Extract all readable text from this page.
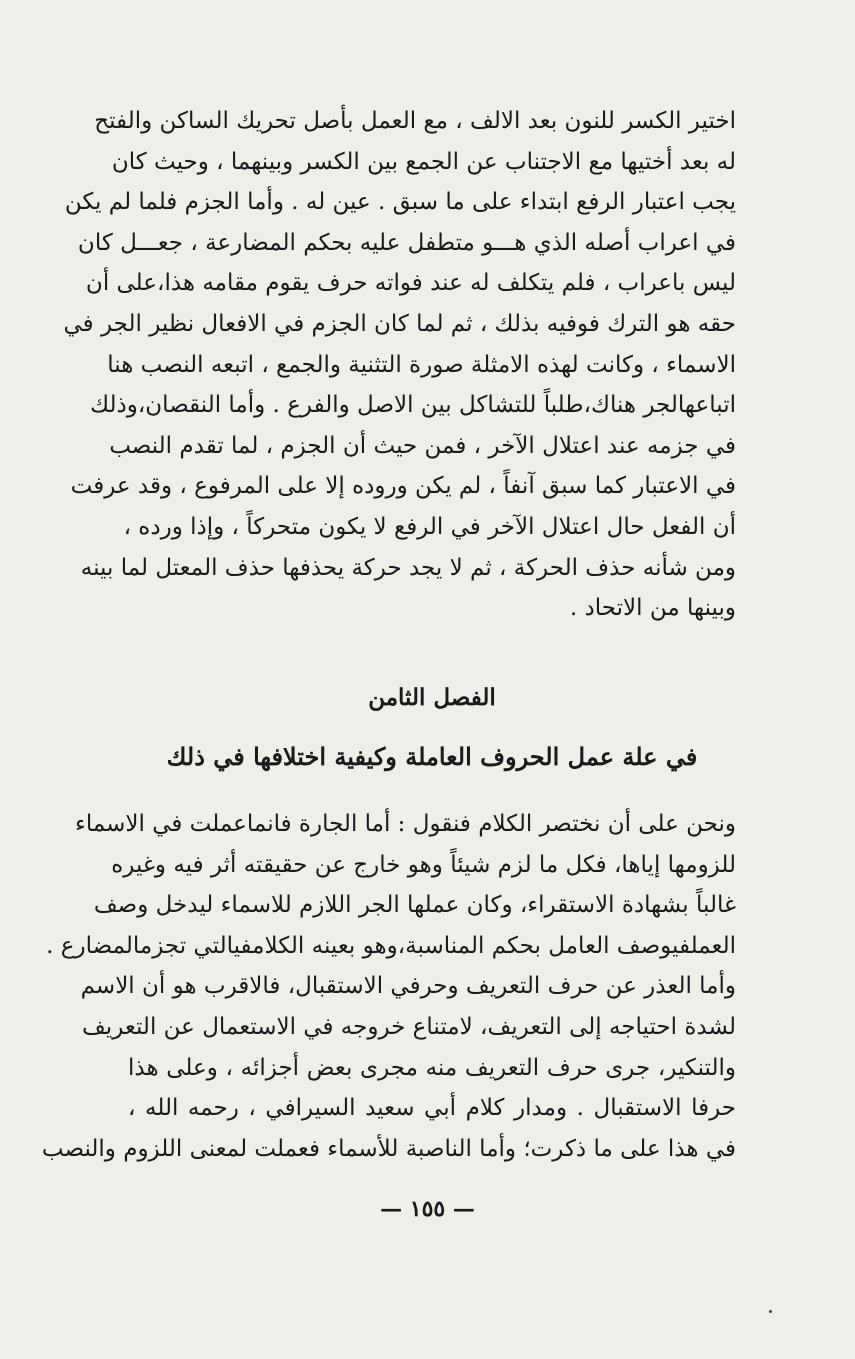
اختير الكسر للنون بعد الالف ، مع العمل بأصل تحريك الساكن والفتح
له بعد أختيها مع الاجتناب عن الجمع بين الكسر وبينهما ، وحيث كان
يجب اعتبار الرفع ابتداء على ما سبق . عين له . وأما الجزم فلما لم يكن
في اعراب أصله الذي هـــو متطفل عليه بحكم المضارعة ، جعـــل كان
ليس باعراب ، فلم يتكلف له عند فواته حرف يقوم مقامه هذا،على أن
حقه هو الترك فوفيه بذلك ، ثم لما كان الجزم في الافعال نظير الجر في
الاسماء ، وكانت لهذه الامثلة صورة التثنية والجمع ، اتبعه النصب هنا
اتباعهالجر هناك،طلباً للتشاكل بين الاصل والفرع . وأما النقصان،وذلك
في جزمه عند اعتلال الآخر ، فمن حيث أن الجزم ، لما تقدم النصب
في الاعتبار كما سبق آنفاً ، لم يكن وروده إلا على المرفوع ، وقد عرفت
أن الفعل حال اعتلال الآخر في الرفع لا يكون متحركاً ، وإذا ورده ،
ومن شأنه حذف الحركة ، ثم لا يجد حركة يحذفها حذف المعتل لما بينه
وبينها من الاتحاد .
الفصل الثامن
في علة عمل الحروف العاملة وكيفية اختلافها في ذلك
ونحن على أن نختصر الكلام فنقول : أما الجارة فانماعملت في الاسماء
للزومها إياها، فكل ما لزم شيئاً وهو خارج عن حقيقته أثر فيه وغيره
غالباً بشهادة الاستقراء، وكان عملها الجر اللازم للاسماء ليدخل وصف
العملفيوصف العامل بحكم المناسبة،وهو بعينه الكلامفيالتي تجزمالمضارع .
وأما العذر عن حرف التعريف وحرفي الاستقبال، فالاقرب هو أن الاسم
لشدة احتياجه إلى التعريف، لامتناع خروجه في الاستعمال عن التعريف
والتنكير، جرى حرف التعريف منه مجرى بعض أجزائه ، وعلى هذا
حرفا الاستقبال . ومدار كلام أبي سعيد السيرافي ، رحمه الله ،
في هذا على ما ذكرت؛ وأما الناصبة للأسماء فعملت لمعنى اللزوم والنصب
— ١٥٥ —
